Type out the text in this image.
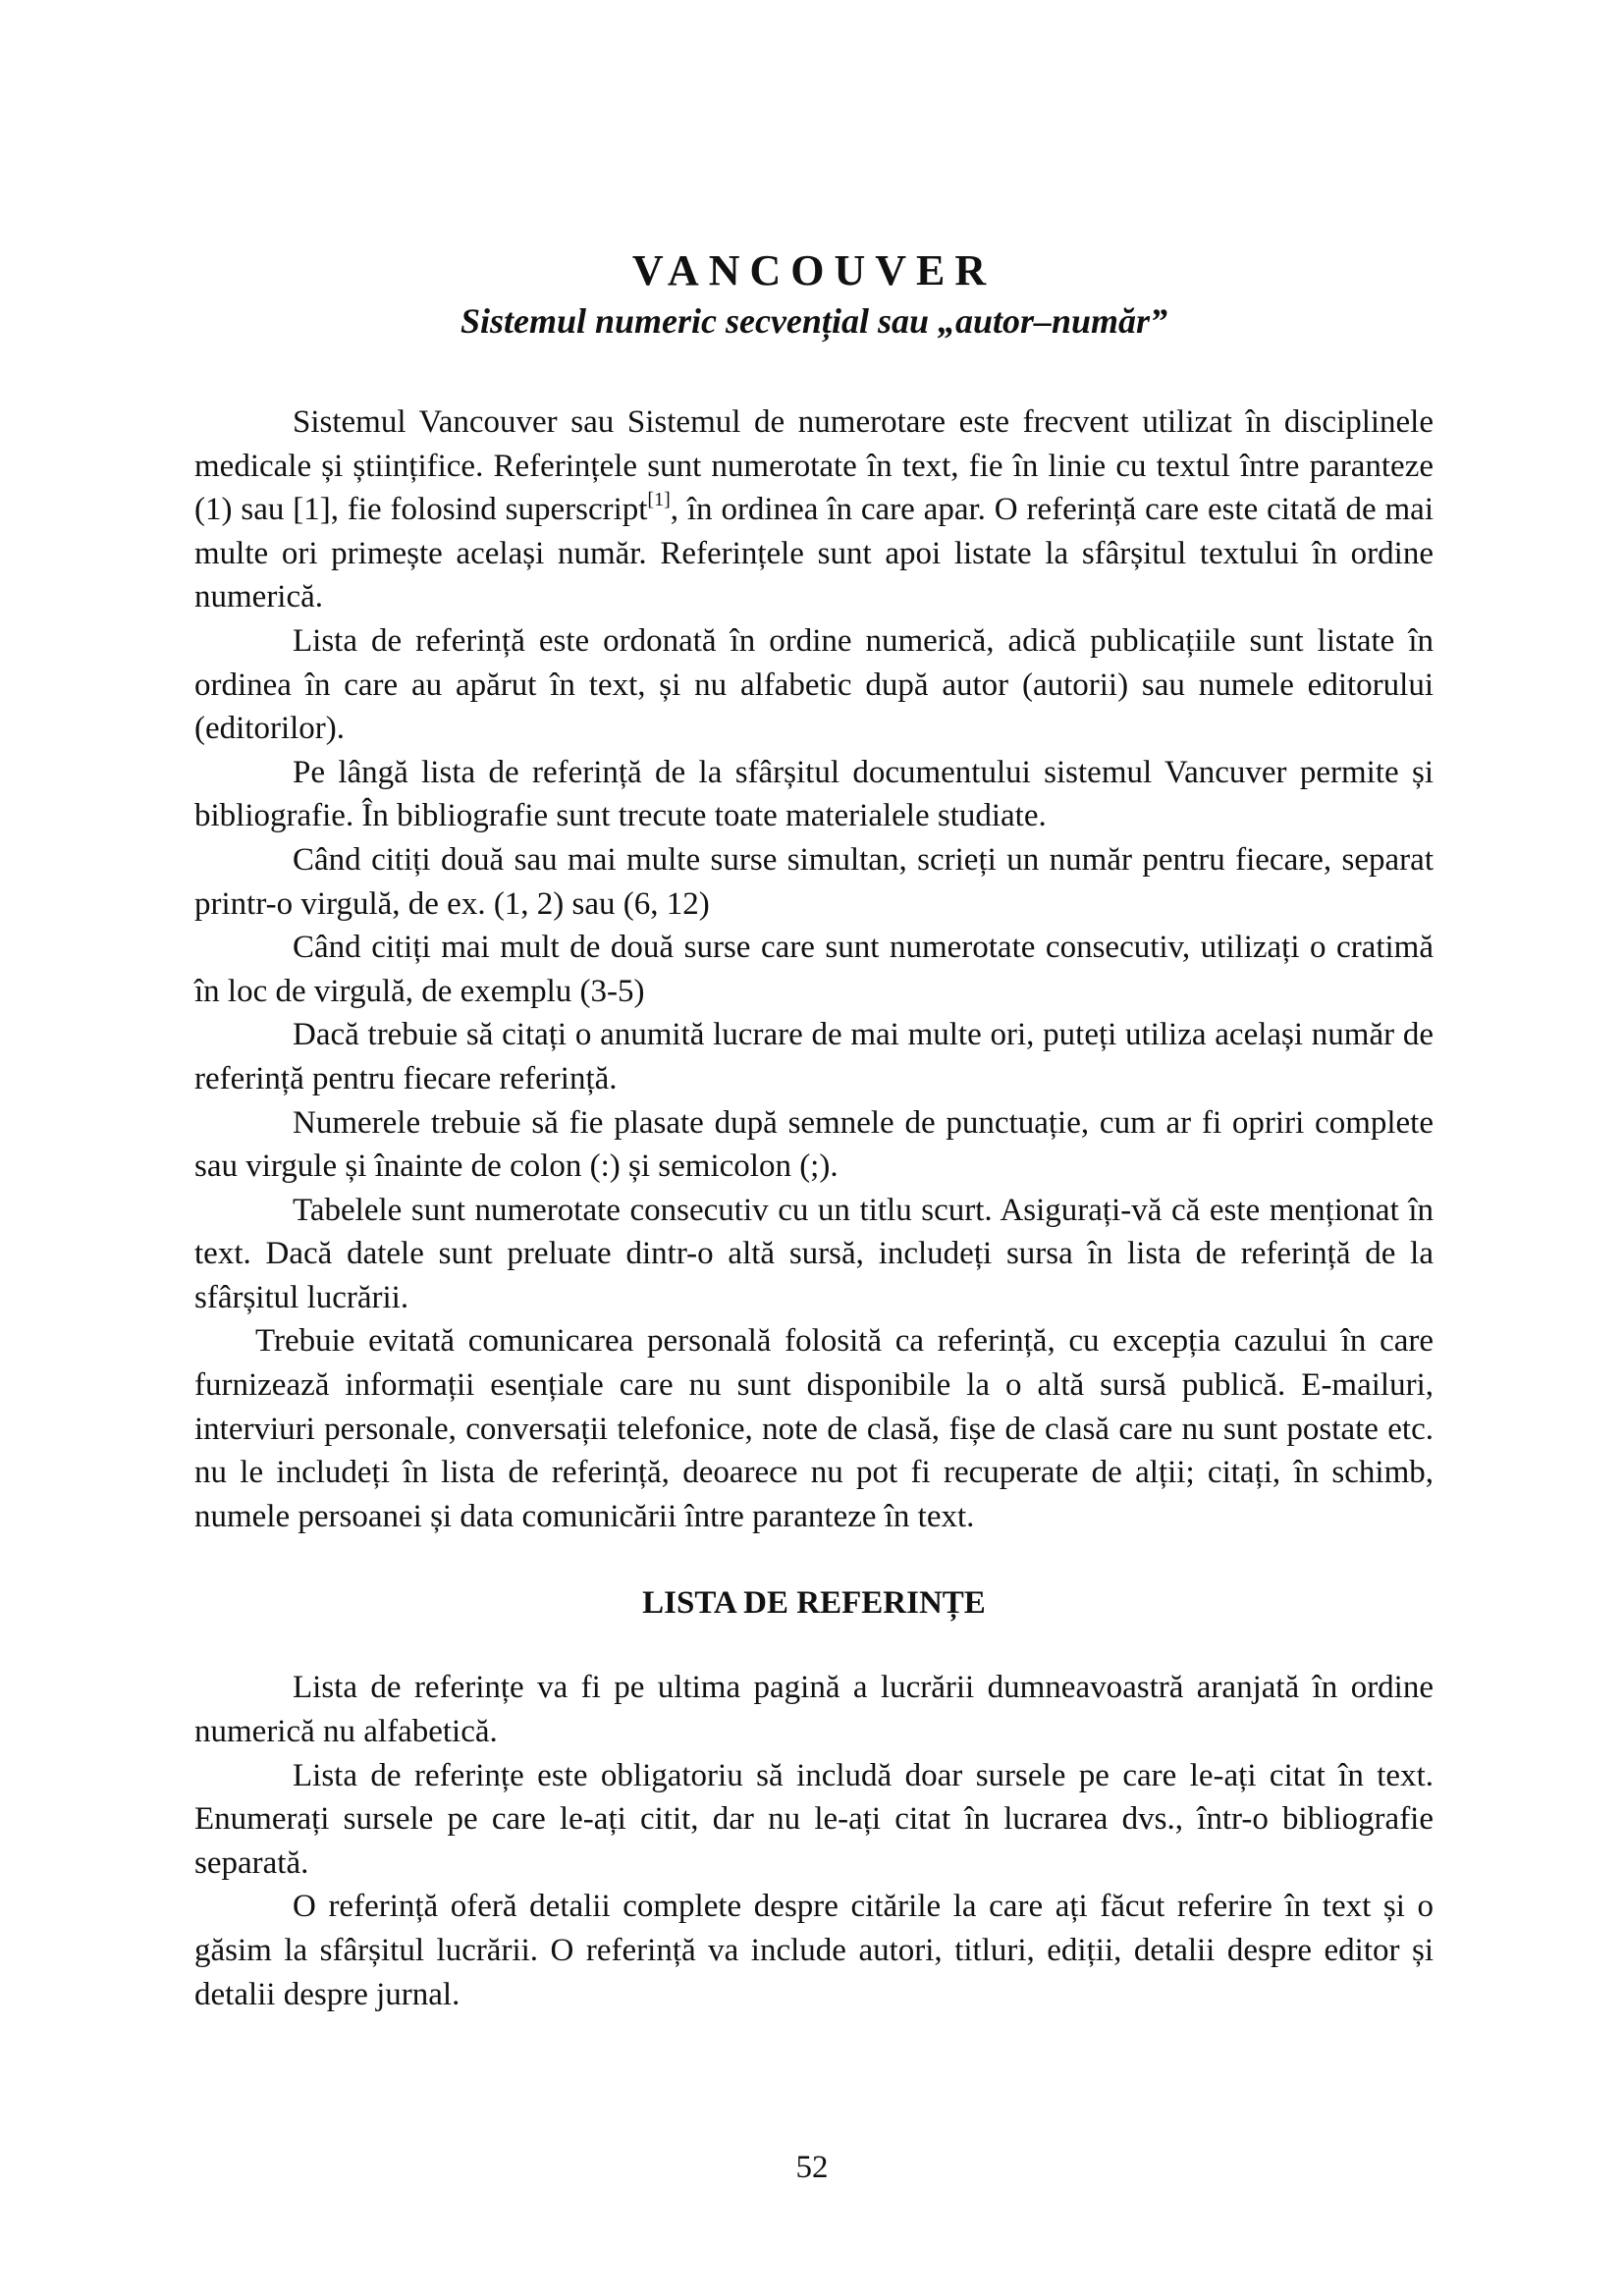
VANCOUVER
Sistemul numeric secvențial sau „autor–număr”

Sistemul Vancouver sau Sistemul de numerotare este frecvent utilizat în disciplinele medicale și științifice. Referințele sunt numerotate în text, fie în linie cu textul între paranteze (1) sau [1], fie folosind superscript[1], în ordinea în care apar. O referință care este citată de mai multe ori primește același număr. Referințele sunt apoi listate la sfârșitul textului în ordine numerică.

Lista de referință este ordonată în ordine numerică, adică publicațiile sunt listate în ordinea în care au apărut în text, și nu alfabetic după autor (autorii) sau numele editorului (editorilor).

Pe lângă lista de referință de la sfârșitul documentului sistemul Vancuver permite și bibliografie. În bibliografie sunt trecute toate materialele studiate.

Când citiți două sau mai multe surse simultan, scrieți un număr pentru fiecare, separat printr-o virgulă, de ex. (1, 2) sau (6, 12)

Când citiți mai mult de două surse care sunt numerotate consecutiv, utilizați o cratimă în loc de virgulă, de exemplu (3-5)

Dacă trebuie să citați o anumită lucrare de mai multe ori, puteți utiliza același număr de referință pentru fiecare referință.

Numerele trebuie să fie plasate după semnele de punctuație, cum ar fi opriri complete sau virgule și înainte de colon (:) și semicolon (;).

Tabelele sunt numerotate consecutiv cu un titlu scurt. Asigurați-vă că este menționat în text. Dacă datele sunt preluate dintr-o altă sursă, includeți sursa în lista de referință de la sfârșitul lucrării.

Trebuie evitată comunicarea personală folosită ca referință, cu excepția cazului în care furnizează informații esențiale care nu sunt disponibile la o altă sursă publică. E-mailuri, interviuri personale, conversații telefonice, note de clasă, fișe de clasă care nu sunt postate etc. nu le includeți în lista de referință, deoarece nu pot fi recuperate de alții; citați, în schimb, numele persoanei și data comunicării între paranteze în text.

LISTA DE REFERINȚE

Lista de referințe va fi pe ultima pagină a lucrării dumneavoastră aranjată în ordine numerică nu alfabetică.

Lista de referințe este obligatoriu să includă doar sursele pe care le-ați citat în text. Enumerați sursele pe care le-ați citit, dar nu le-ați citat în lucrarea dvs., într-o bibliografie separată.

O referință oferă detalii complete despre citările la care ați făcut referire în text și o găsim la sfârșitul lucrării. O referință va include autori, titluri, ediții, detalii despre editor și detalii despre jurnal.

52
